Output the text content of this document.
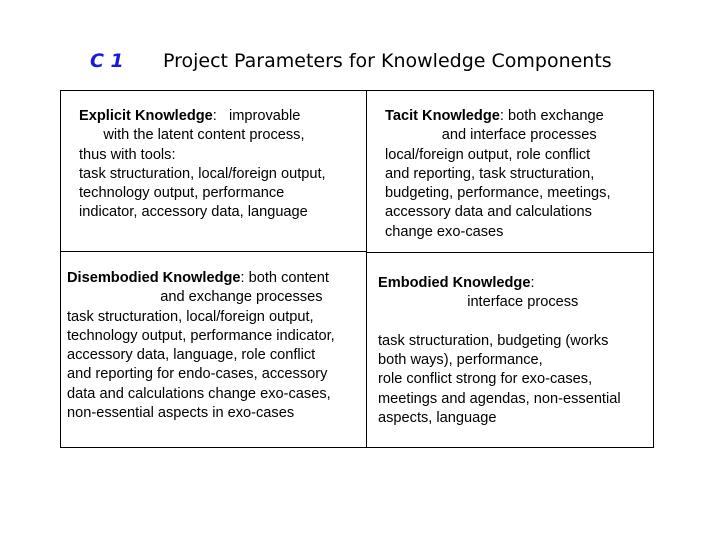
C 1 Project Parameters for Knowledge Components
Explicit Knowledge:   improvable
with the latent content process,
thus with tools:
task structuration, local/foreign output,
technology output, performance
indicator, accessory data, language
Tacit Knowledge: both exchange
and interface processes
local/foreign output, role conflict
and reporting, task structuration,
budgeting, performance, meetings,
accessory data and calculations
change exo-cases
Disembodied Knowledge: both content
and exchange processes
task structuration, local/foreign output,
technology output, performance indicator,
accessory data, language, role conflict
and reporting for endo-cases, accessory
data and calculations change exo-cases,
non-essential aspects in exo-cases
Embodied Knowledge:
interface process

task structuration, budgeting (works
both ways), performance,
role conflict strong for exo-cases,
meetings and agendas, non-essential
aspects, language
